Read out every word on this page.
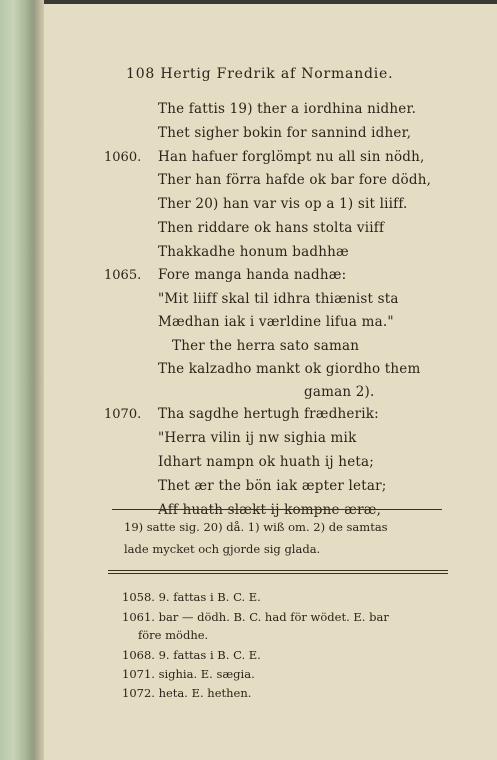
108 Hertig Fredrik af Normandie.
The fattis 19) ther a iordhina nidher.
Thet sigher bokin for sannind idher,
1060. Han hafuer forglömpt nu all sin nödh,
Ther han förra hafde ok bar fore dödh,
Ther 20) han var vis op a 1) sit liiff.
Then riddare ok hans stolta viiff
Thakkadhe honum badhhæ
1065. Fore manga handa nadhæ:
"Mit liiff skal til idhra thiænist sta
Mædhan iak i værldine lifua ma."
Ther the herra sato saman
The kalzadho mankt ok giordho them
gaman 2).
1070. Tha sagdhe hertugh frædherik:
"Herra vilin ij nw sighia mik
Idhart nampn ok huath ij heta;
Thet ær the bön iak æpter letar;
Aff huath slækt ij kompne æræ,
19) satte sig. 20) då. 1) wiß om. 2) de samtas
lade mycket och gjorde sig glada.
1058. 9. fattas i B. C. E.
1061. bar — dödh. B. C. had för wödet. E. bar
före mödhe.
1068. 9. fattas i B. C. E.
1071. sighia. E. sægia.
1072. heta. E. hethen.
